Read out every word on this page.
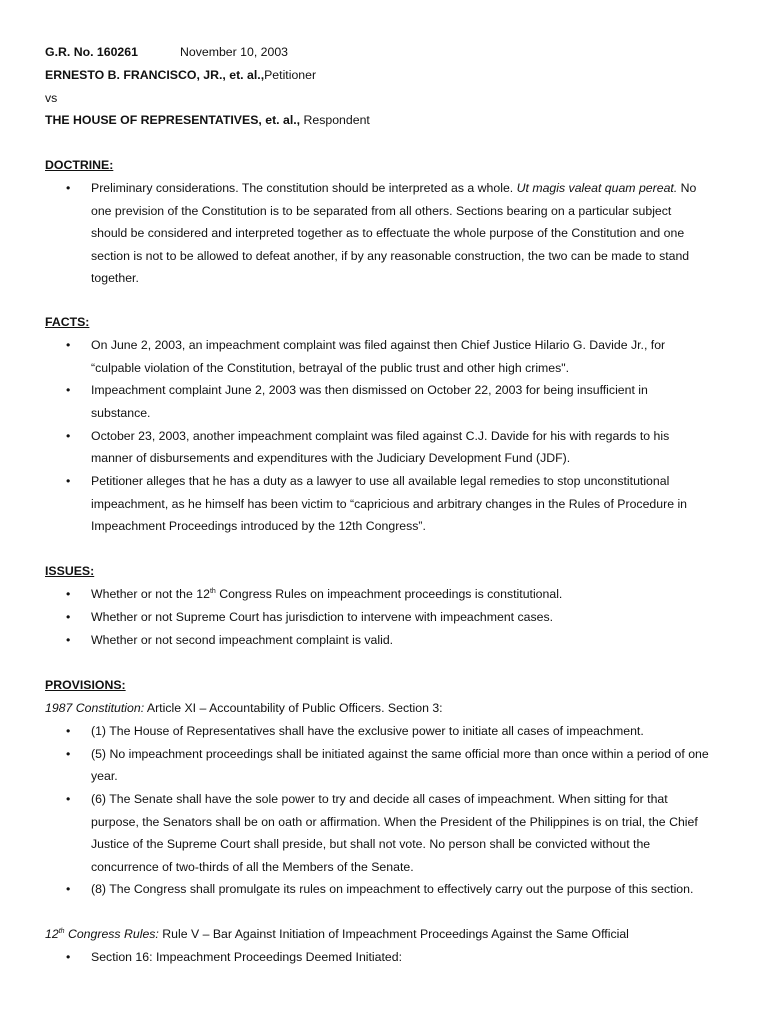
G.R. No. 160261	November 10, 2003
ERNESTO B. FRANCISCO, JR., et. al.,Petitioner
vs
THE HOUSE OF REPRESENTATIVES, et. al., Respondent
DOCTRINE:
• Preliminary considerations. The constitution should be interpreted as a whole. Ut magis valeat quam pereat. No
one prevision of the Constitution is to be separated from all others. Sections bearing on a particular subject
should be considered and interpreted together as to effectuate the whole purpose of the Constitution and one
section is not to be allowed to defeat another, if by any reasonable construction, the two can be made to stand
together.
FACTS:
• On June 2, 2003, an impeachment complaint was filed against then Chief Justice Hilario G. Davide Jr., for
“culpable violation of the Constitution, betrayal of the public trust and other high crimes".
• Impeachment complaint June 2, 2003 was then dismissed on October 22, 2003 for being insufficient in
substance.
• October 23, 2003, another impeachment complaint was filed against C.J. Davide for his with regards to his
manner of disbursements and expenditures with the Judiciary Development Fund (JDF).
• Petitioner alleges that he has a duty as a lawyer to use all available legal remedies to stop unconstitutional
impeachment, as he himself has been victim to “capricious and arbitrary changes in the Rules of Procedure in
Impeachment Proceedings introduced by the 12th Congress”.
ISSUES:
• Whether or not the 12th Congress Rules on impeachment proceedings is constitutional.
• Whether or not Supreme Court has jurisdiction to intervene with impeachment cases.
• Whether or not second impeachment complaint is valid.
PROVISIONS:
1987 Constitution: Article XI – Accountability of Public Officers. Section 3:
• (1) The House of Representatives shall have the exclusive power to initiate all cases of impeachment.
• (5) No impeachment proceedings shall be initiated against the same official more than once within a period of one
year.
• (6) The Senate shall have the sole power to try and decide all cases of impeachment. When sitting for that
purpose, the Senators shall be on oath or affirmation. When the President of the Philippines is on trial, the Chief
Justice of the Supreme Court shall preside, but shall not vote. No person shall be convicted without the
concurrence of two-thirds of all the Members of the Senate.
• (8) The Congress shall promulgate its rules on impeachment to effectively carry out the purpose of this section.
12th Congress Rules: Rule V – Bar Against Initiation of Impeachment Proceedings Against the Same Official
• Section 16: Impeachment Proceedings Deemed Initiated:
